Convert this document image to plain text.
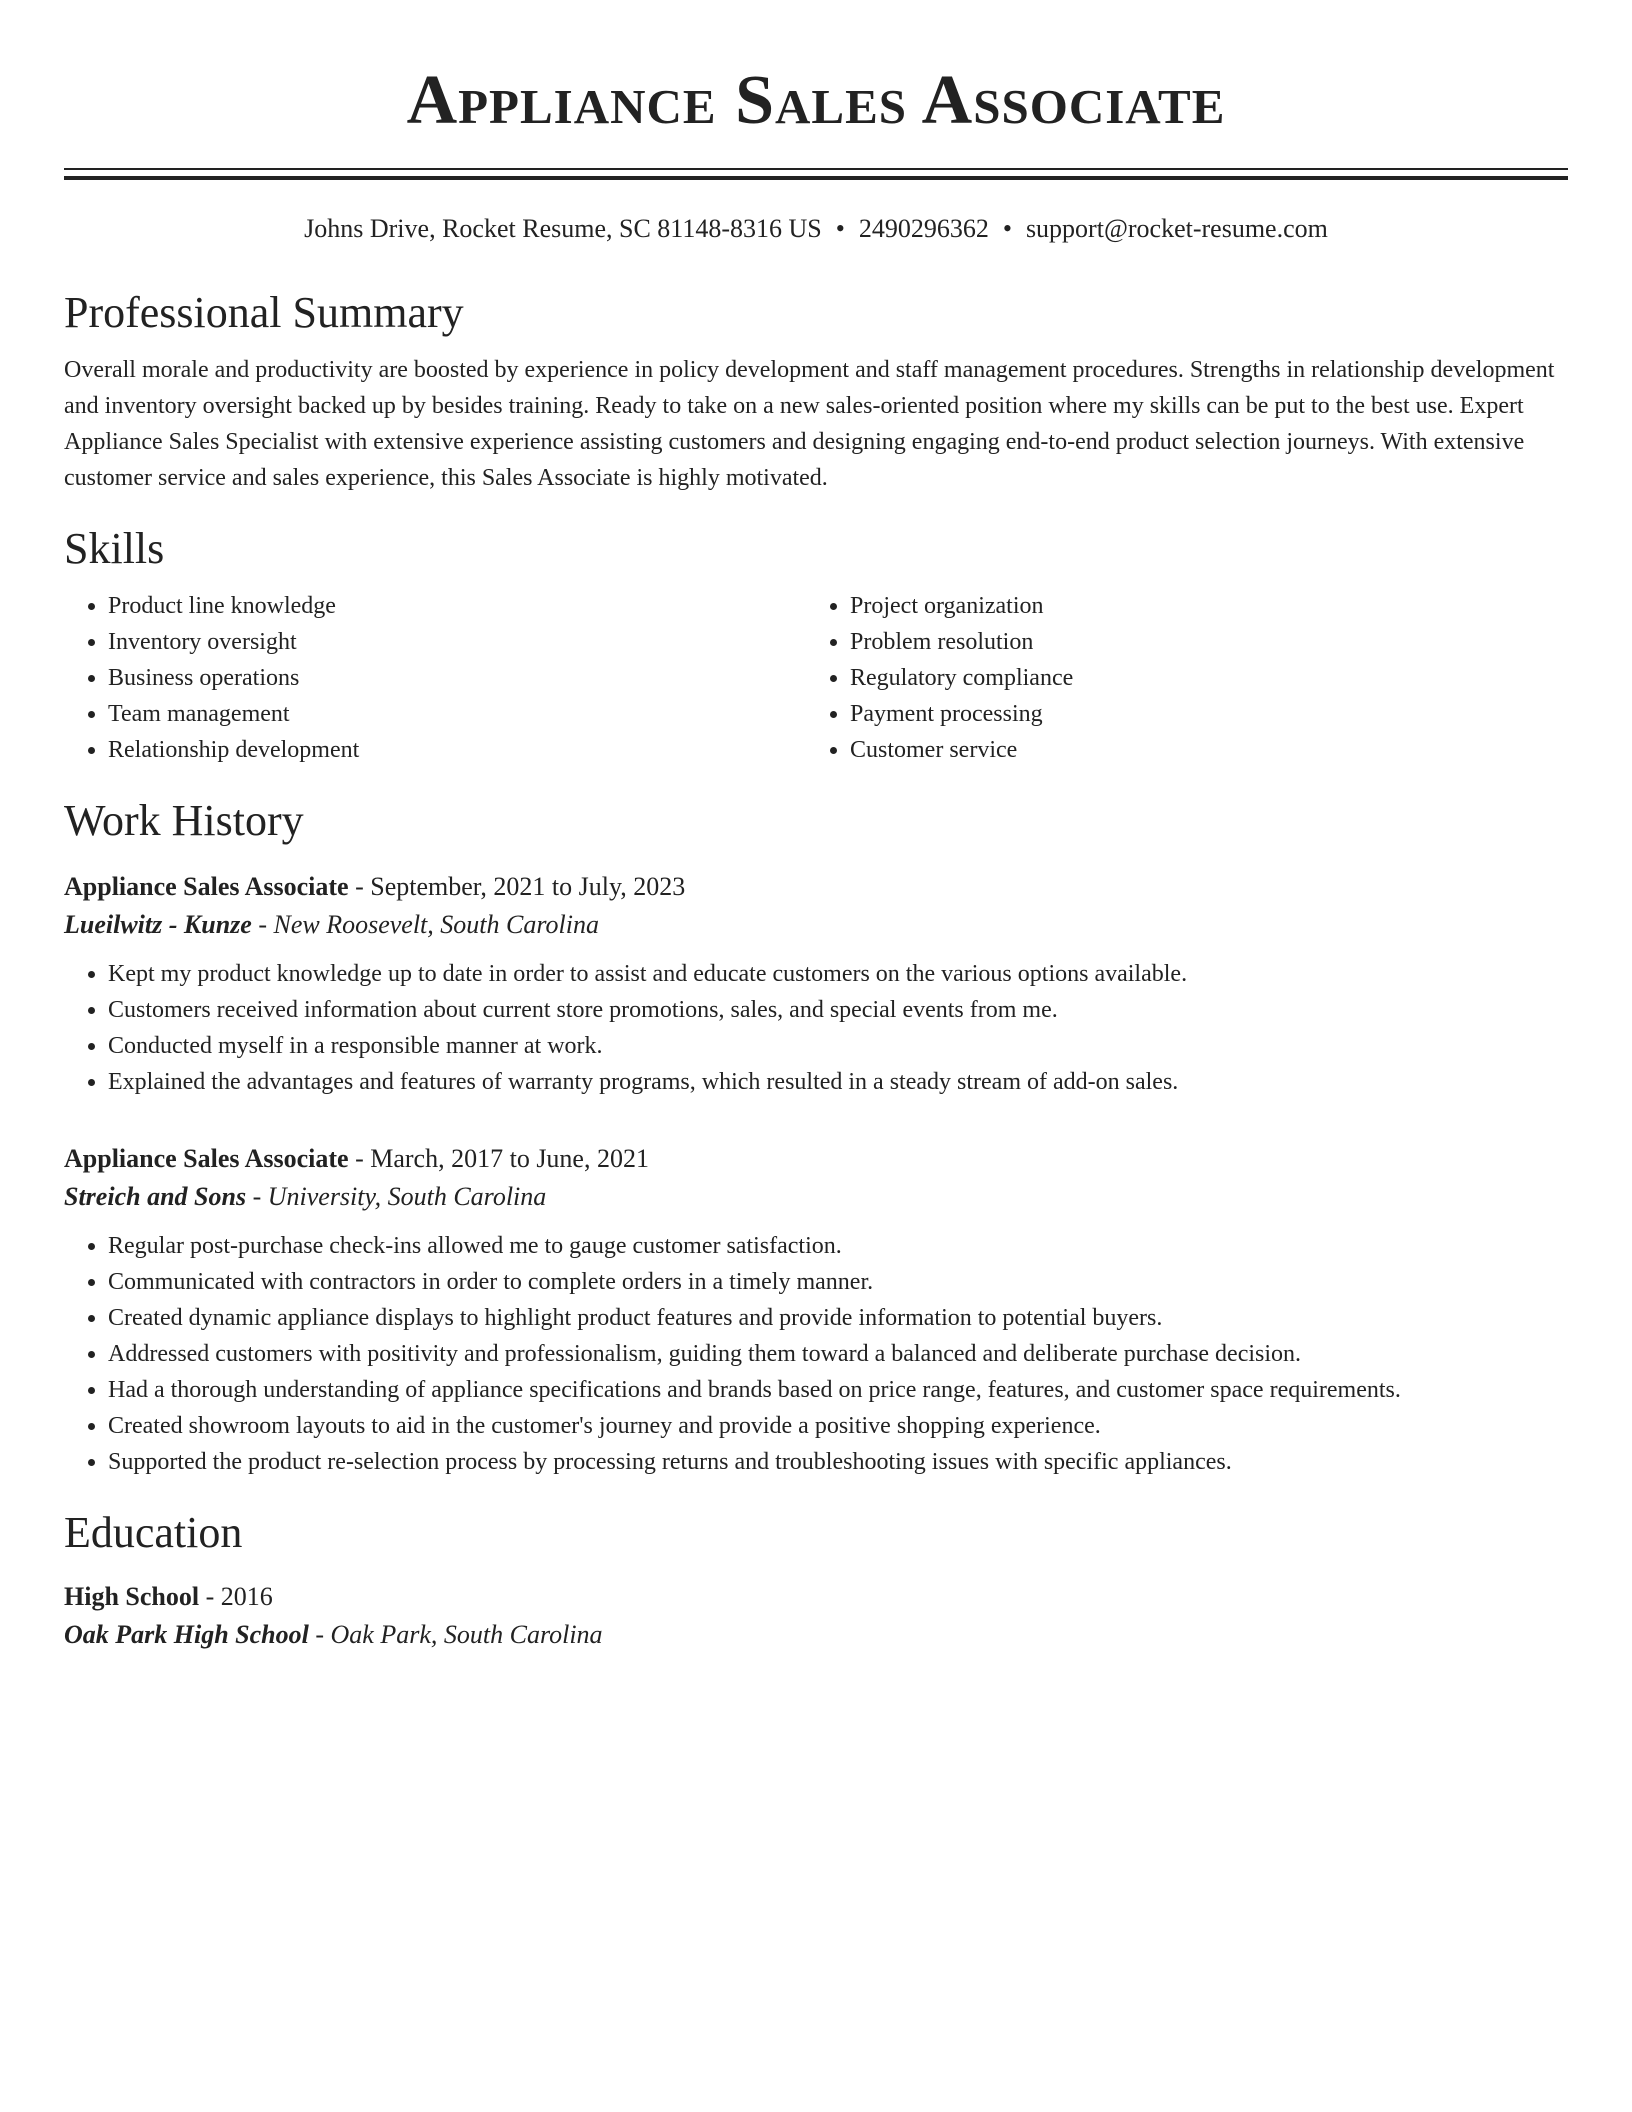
Appliance Sales Associate
Johns Drive, Rocket Resume, SC 81148-8316 US • 2490296362 • support@rocket-resume.com
Professional Summary
Overall morale and productivity are boosted by experience in policy development and staff management procedures. Strengths in relationship development and inventory oversight backed up by besides training. Ready to take on a new sales-oriented position where my skills can be put to the best use. Expert Appliance Sales Specialist with extensive experience assisting customers and designing engaging end-to-end product selection journeys. With extensive customer service and sales experience, this Sales Associate is highly motivated.
Skills
• Product line knowledge
• Inventory oversight
• Business operations
• Team management
• Relationship development
• Project organization
• Problem resolution
• Regulatory compliance
• Payment processing
• Customer service
Work History
Appliance Sales Associate - September, 2021 to July, 2023
Lueilwitz - Kunze - New Roosevelt, South Carolina
• Kept my product knowledge up to date in order to assist and educate customers on the various options available.
• Customers received information about current store promotions, sales, and special events from me.
• Conducted myself in a responsible manner at work.
• Explained the advantages and features of warranty programs, which resulted in a steady stream of add-on sales.
Appliance Sales Associate - March, 2017 to June, 2021
Streich and Sons - University, South Carolina
• Regular post-purchase check-ins allowed me to gauge customer satisfaction.
• Communicated with contractors in order to complete orders in a timely manner.
• Created dynamic appliance displays to highlight product features and provide information to potential buyers.
• Addressed customers with positivity and professionalism, guiding them toward a balanced and deliberate purchase decision.
• Had a thorough understanding of appliance specifications and brands based on price range, features, and customer space requirements.
• Created showroom layouts to aid in the customer's journey and provide a positive shopping experience.
• Supported the product re-selection process by processing returns and troubleshooting issues with specific appliances.
Education
High School - 2016
Oak Park High School - Oak Park, South Carolina
